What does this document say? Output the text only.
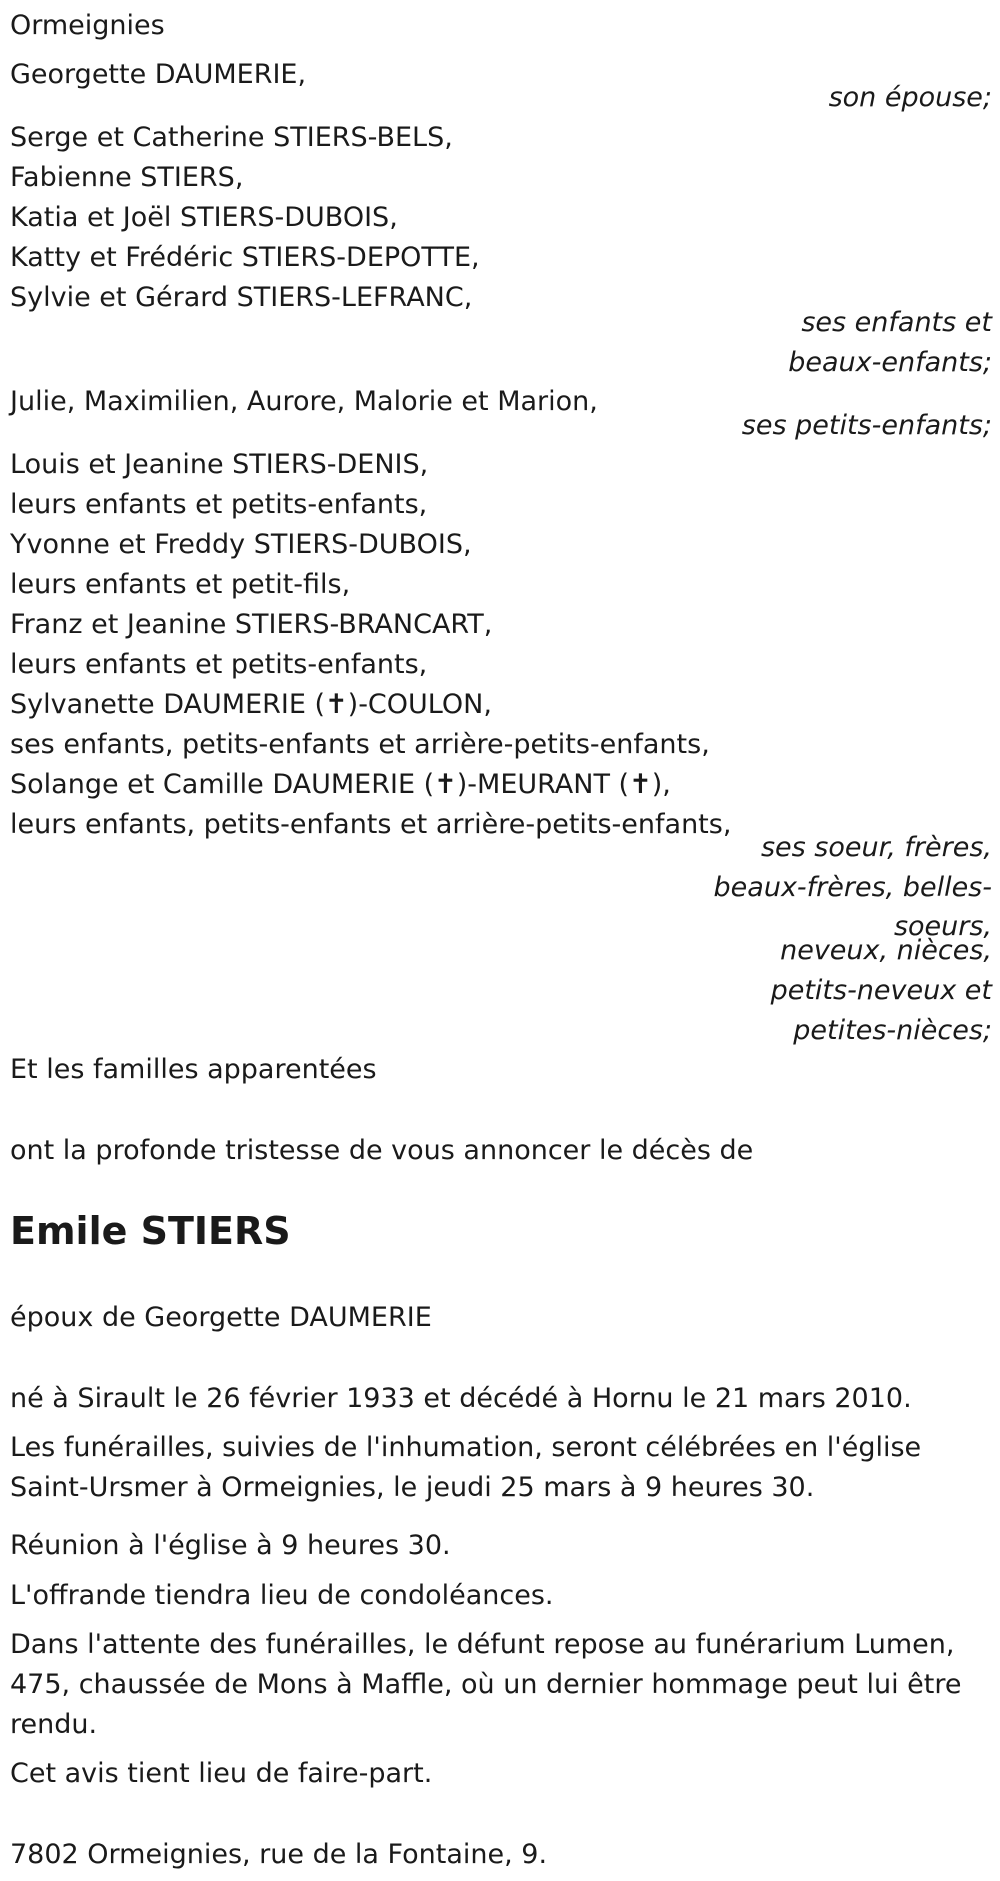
Ormeignies
Georgette DAUMERIE,
son épouse;
Serge et Catherine STIERS-BELS,
Fabienne STIERS,
Katia et Joël STIERS-DUBOIS,
Katty et Frédéric STIERS-DEPOTTE,
Sylvie et Gérard STIERS-LEFRANC,
ses enfants et
beaux-enfants;
Julie, Maximilien, Aurore, Malorie et Marion,
ses petits-enfants;
Louis et Jeanine STIERS-DENIS,
leurs enfants et petits-enfants,
Yvonne et Freddy STIERS-DUBOIS,
leurs enfants et petit-fils,
Franz et Jeanine STIERS-BRANCART,
leurs enfants et petits-enfants,
Sylvanette DAUMERIE (✝)-COULON,
ses enfants, petits-enfants et arrière-petits-enfants,
Solange et Camille DAUMERIE (✝)-MEURANT (✝),
leurs enfants, petits-enfants et arrière-petits-enfants,
ses soeur, frères,
beaux-frères, belles-
soeurs,
neveux, nièces,
petits-neveux et
petites-nièces;
Et les familles apparentées
ont la profonde tristesse de vous annoncer le décès de
Emile STIERS
époux de Georgette DAUMERIE
né à Sirault le 26 février 1933 et décédé à Hornu le 21 mars 2010.
Les funérailles, suivies de l'inhumation, seront célébrées en l'église Saint-Ursmer à Ormeignies, le jeudi 25 mars à 9 heures 30.
Réunion à l'église à 9 heures 30.
L'offrande tiendra lieu de condoléances.
Dans l'attente des funérailles, le défunt repose au funérarium Lumen, 475, chaussée de Mons à Maffle, où un dernier hommage peut lui être rendu.
Cet avis tient lieu de faire-part.
7802 Ormeignies, rue de la Fontaine, 9.
